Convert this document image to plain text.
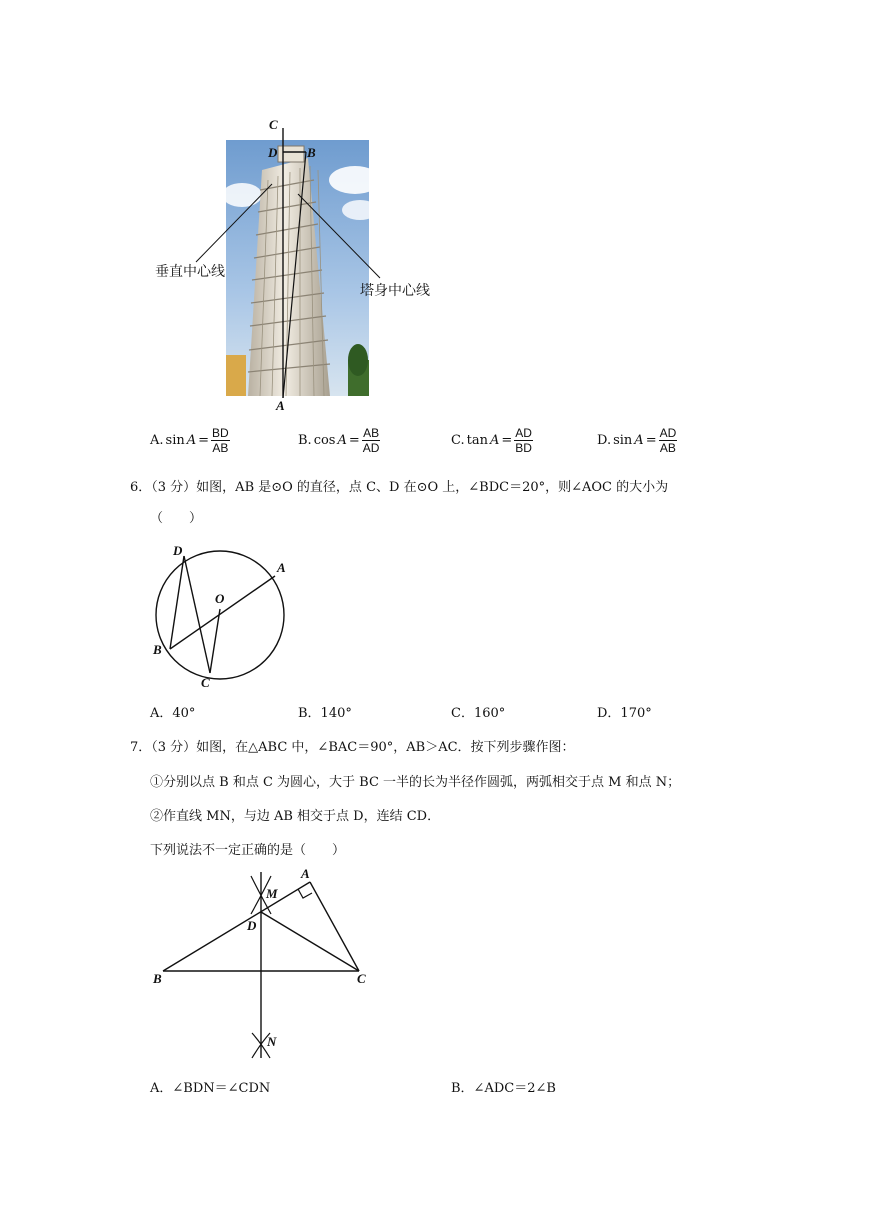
C
D B
A
垂直中心线
塔身中心线
A. $\sin A = \frac{BD}{AB}$	B. $\cos A = \frac{AB}{AD}$	C. $\tan A = \frac{AD}{BD}$	D. $\sin A = \frac{AD}{AB}$
6．（3 分）如图，AB 是⊙O 的直径，点 C、D 在⊙O 上，∠BDC＝20°，则∠AOC 的大小为
（　　）
D
A
O
B
C
A．40°	B．140°	C．160°	D．170°
7．（3 分）如图，在△ABC 中，∠BAC＝90°，AB＞AC．按下列步骤作图：
①分别以点 B 和点 C 为圆心，大于 BC 一半的长为半径作圆弧，两弧相交于点 M 和点 N；
②作直线 MN，与边 AB 相交于点 D，连结 CD．
下列说法不一定正确的是（　　）
A
M
D
B	C
N
A．∠BDN＝∠CDN	B．∠ADC＝2∠B
